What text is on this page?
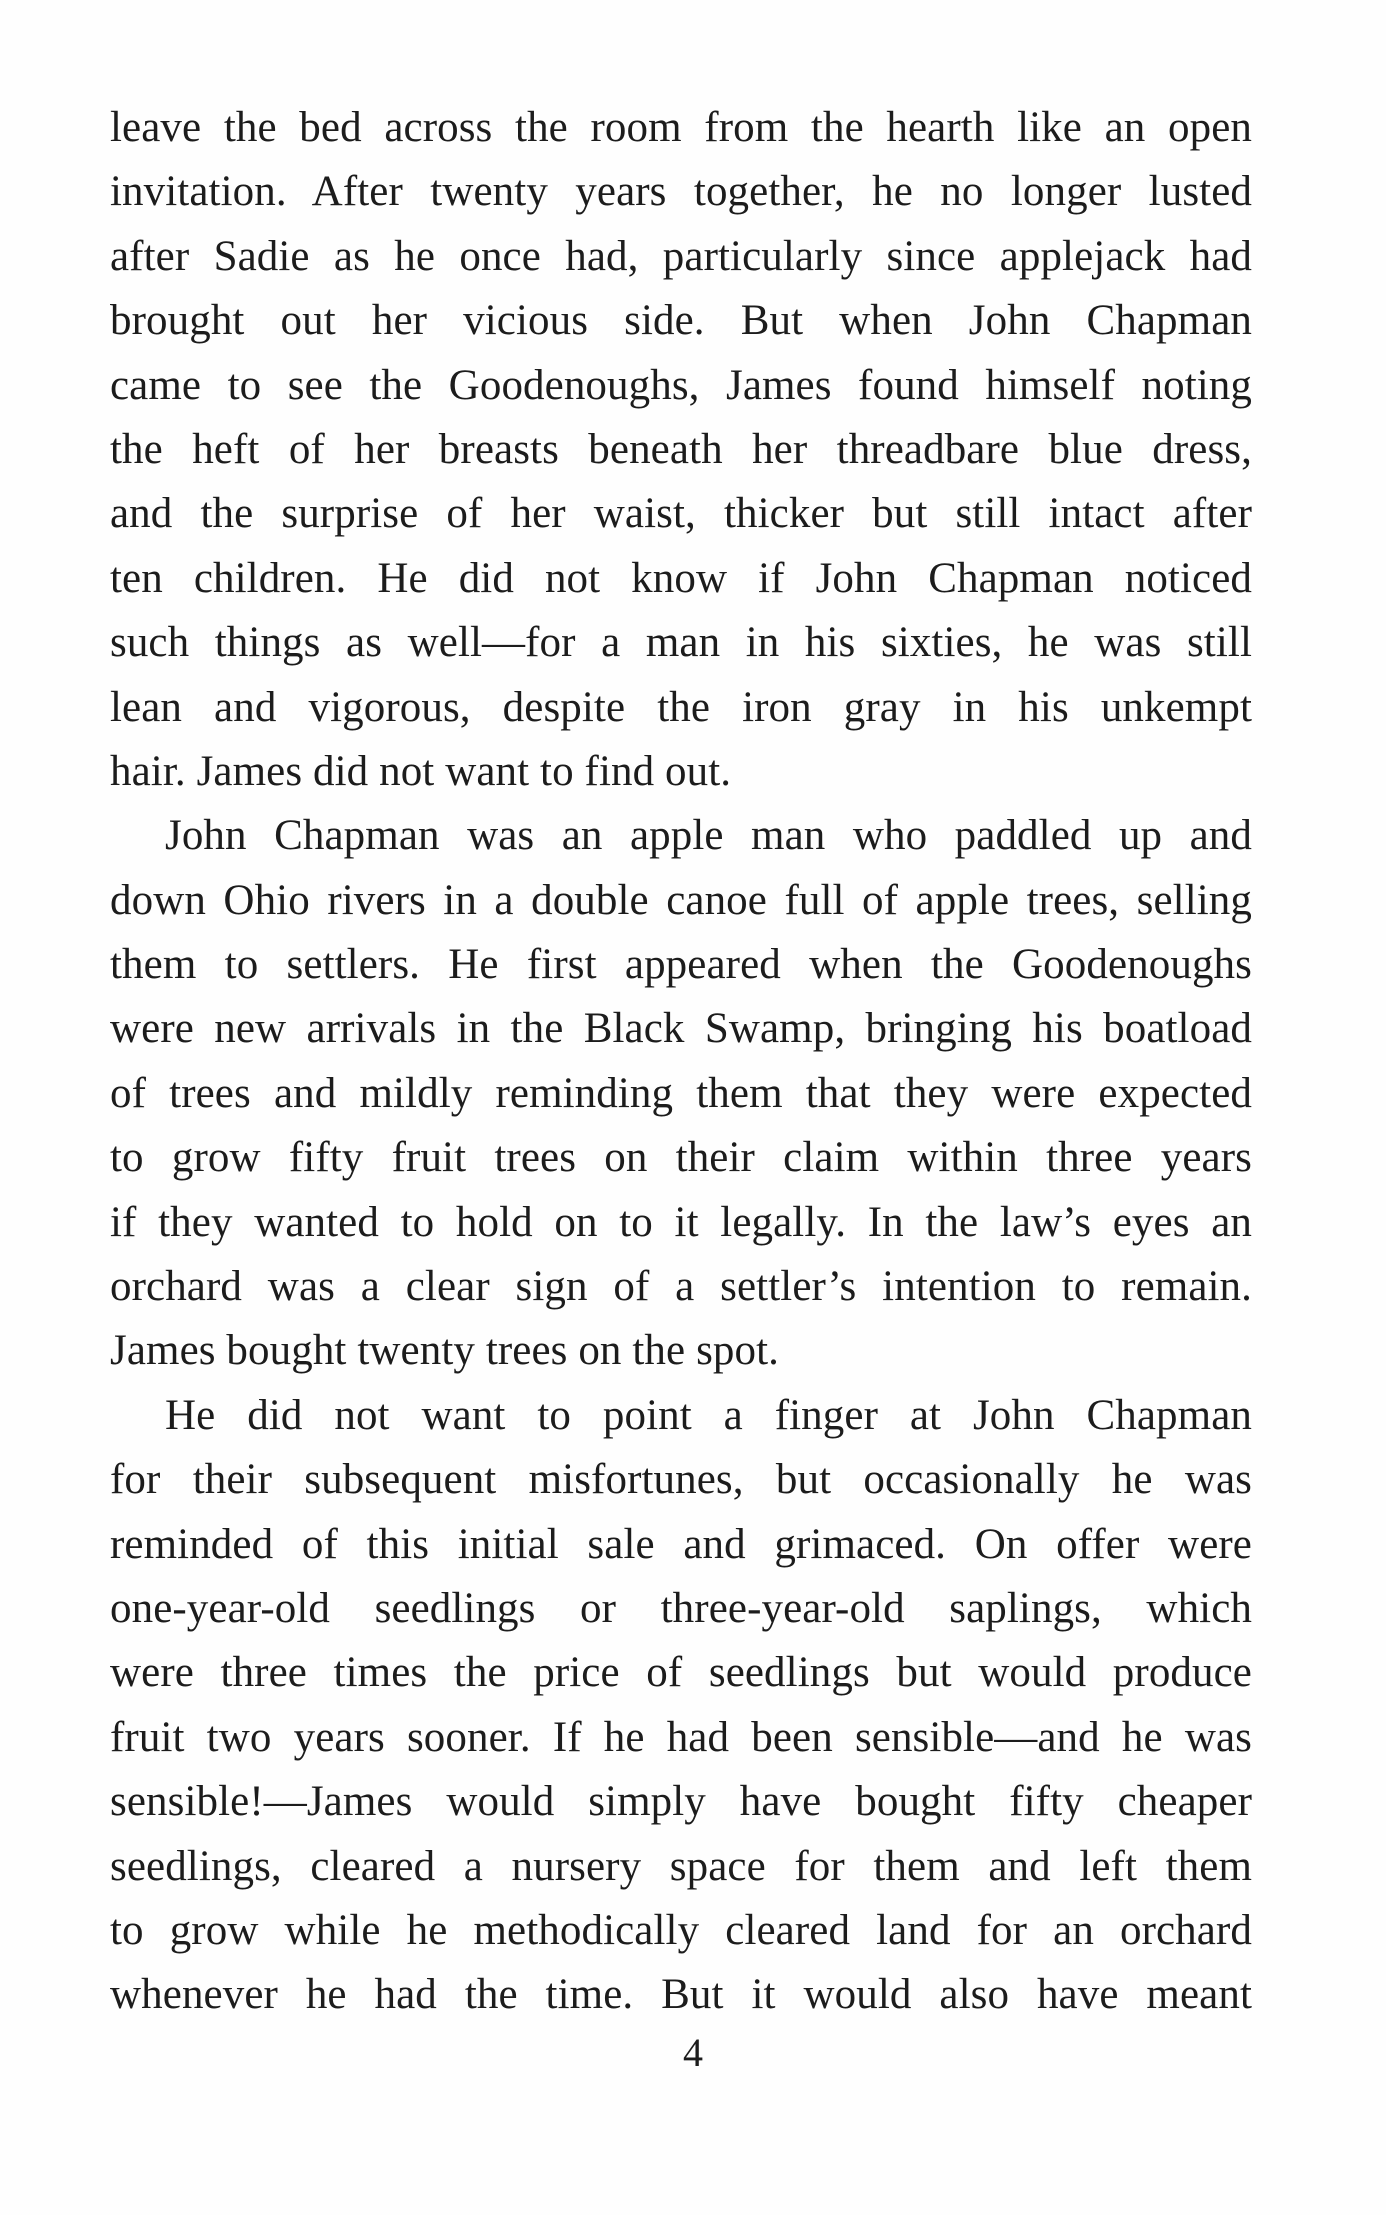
leave the bed across the room from the hearth like an open
invitation. After twenty years together, he no longer lusted
after Sadie as he once had, particularly since applejack had
brought out her vicious side. But when John Chapman
came to see the Goodenoughs, James found himself noting
the heft of her breasts beneath her threadbare blue dress,
and the surprise of her waist, thicker but still intact after
ten children. He did not know if John Chapman noticed
such things as well—for a man in his sixties, he was still
lean and vigorous, despite the iron gray in his unkempt
hair. James did not want to find out.
John Chapman was an apple man who paddled up and
down Ohio rivers in a double canoe full of apple trees, selling
them to settlers. He first appeared when the Goodenoughs
were new arrivals in the Black Swamp, bringing his boatload
of trees and mildly reminding them that they were expected
to grow fifty fruit trees on their claim within three years
if they wanted to hold on to it legally. In the law’s eyes an
orchard was a clear sign of a settler’s intention to remain.
James bought twenty trees on the spot.
He did not want to point a finger at John Chapman
for their subsequent misfortunes, but occasionally he was
reminded of this initial sale and grimaced. On offer were
one-year-old seedlings or three-year-old saplings, which
were three times the price of seedlings but would produce
fruit two years sooner. If he had been sensible—and he was
sensible!—James would simply have bought fifty cheaper
seedlings, cleared a nursery space for them and left them
to grow while he methodically cleared land for an orchard
whenever he had the time. But it would also have meant
4
